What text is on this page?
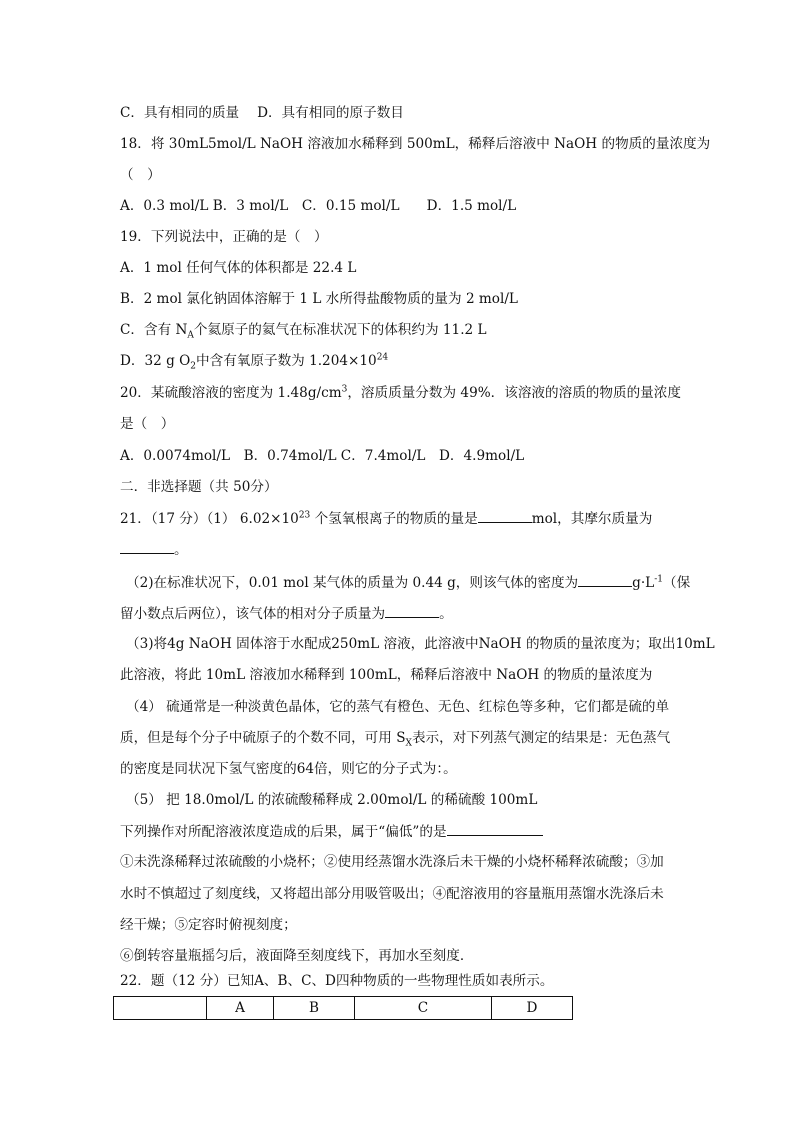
C．具有相同的质量　 D．具有相同的原子数目
18．将 30mL5mol/L NaOH 溶液加水稀释到 500mL，稀释后溶液中 NaOH 的物质的量浓度为
（　）
A．0.3 mol/L B．3 mol/L　C．0.15 mol/L　　D．1.5 mol/L
19．下列说法中，正确的是（　）
A．1 mol 任何气体的体积都是 22.4 L
B．2 mol 氯化钠固体溶解于 1 L 水所得盐酸物质的量为 2 mol/L
C．含有 $N_A$个氦原子的氦气在标准状况下的体积约为 11.2 L
D．32 g $O_2$中含有氧原子数为 $1.204\times 10^{24}$
20．某硫酸溶液的密度为 $1.48g/cm^3$，溶质质量分数为 49%．该溶液的溶质的物质的量浓度
是（　）
A．0.0074mol/L　B．0.74mol/L C．7.4mol/L　D．4.9mol/L
二．非选择题（共 50分）
21．（17 分）（1） $6.02\times 10^{23}$ 个氢氧根离子的物质的量是	mol，其摩尔质量为
。
（2)在标准状况下，0.01 mol 某气体的质量为 0.44 g，则该气体的密度为	$g\cdot L^{-1}$（保
留小数点后两位），该气体的相对分子质量为	。
（3)将4g NaOH 固体溶于水配成250mL 溶液，此溶液中NaOH 的物质的量浓度为；取出10mL
此溶液，将此 10mL 溶液加水稀释到 100mL，稀释后溶液中 NaOH 的物质的量浓度为
（4） 硫通常是一种淡黄色晶体，它的蒸气有橙色、无色、红棕色等多种，它们都是硫的单
质，但是每个分子中硫原子的个数不同，可用 $S_X$表示，对下列蒸气测定的结果是：无色蒸气
的密度是同状况下氢气密度的64倍，则它的分子式为：。
（5） 把 18.0mol/L 的浓硫酸稀释成 2.00mol/L 的稀硫酸 100mL
下列操作对所配溶液浓度造成的后果，属于“偏低”的是
①未洗涤稀释过浓硫酸的小烧杯；②使用经蒸馏水洗涤后未干燥的小烧杯稀释浓硫酸；③加
水时不慎超过了刻度线，又将超出部分用吸管吸出；④配溶液用的容量瓶用蒸馏水洗涤后未
经干燥；⑤定容时俯视刻度；
⑥倒转容量瓶摇匀后，液面降至刻度线下，再加水至刻度．
22．题（12 分）已知A、B、C、D四种物质的一些物理性质如表所示。
	A	B	C	D
